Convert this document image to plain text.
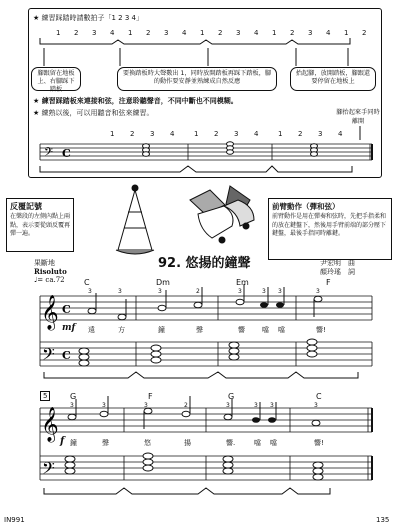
★ 練習踩踏時請數拍子「1 2 3 4」
1 2 3 4 1 2 3 4 1 2 3 4 1 2 3 4 1 2
腳跟留在地板上、右腳踩下踏板
要換踏板時大聲數出 1，同時放開踏板再踩下踏板，腳的動作要安靜並熟練成自然反應
抬起腳，放開踏板，腳跟還要停留在地板上
★ 練習踩踏板來連接和弦，注意聆聽聲音，不同中斷也不同模糊。
★ 練熟以後，可以用聽音和弦來練習。	腳抬起來手同時離開
1 2 3 4	1 2 3 4	1 2 3 4
𝄢 C
反覆記號
在樂段的左側內點上兩點，表示要從頭反覆再彈一遍。
前臂動作（彈和弦）
前臂動作是用在彈奏和弦時，先把手指柔和的放在鍵盤下，然後用手臂前端的部分壓下鍵盤，最後手指同時離鍵。
92. 悠揚的鐘聲
果斷地
Risoluto
♩= ca.72
尹宏明　曲
顏玲瑤　詞
𝄞
𝄢
C
C
C	Dm	Em	F
3	3	3	2	3	3 3	3
mf 遠	方	鐘	聲	響 噹 噹	響!
𝄞
𝄢
5	G	F	G	C
3	3	3	2	3	3 3	3
f 鐘	聲	悠	揚	響.	噹 噹	響!
IN991	135
